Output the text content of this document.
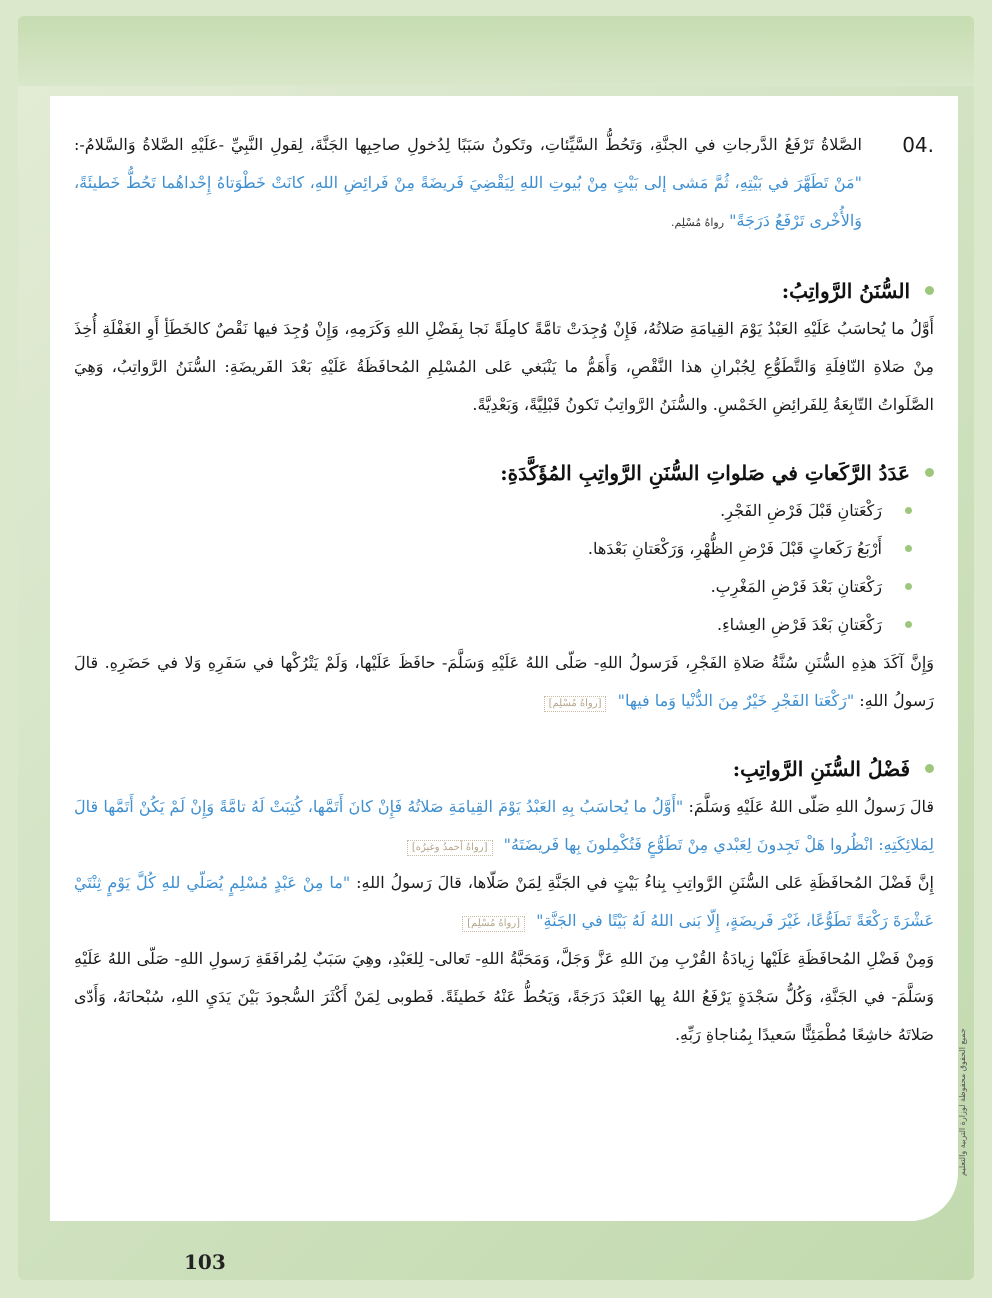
04.
الصَّلاةُ تَرْفَعُ الدَّرجاتِ في الجنَّةِ، وَتَحُطُّ السَّيِّئاتِ، وتَكونُ سَبَبًا لِدُخولِ صاحِبِها الجَنَّةَ، لِقولِ النَّبِيِّ -عَلَيْهِ الصَّلاةُ وَالسَّلامُ-: "مَنْ تَطَهَّرَ في بَيْتِهِ، ثُمَّ مَشى إلى بَيْتٍ مِنْ بُيوتِ اللهِ لِيَقْضِيَ فَريضَةً مِنْ فَرائِضِ اللهِ، كانَتْ خَطْوَتاهُ إِحْداهُما تَحُطُّ خَطيئَةً، وَالأُخْرى تَرْفَعُ دَرَجَةً" رواهُ مُسْلِم.
السُّنَنُ الرَّواتِبُ:
أَوَّلُ ما يُحاسَبُ عَلَيْهِ العَبْدُ يَوْمَ القِيامَةِ صَلاتُهُ، فَإِنْ وُجِدَتْ تامَّةً كامِلَةً نَجا بِفَضْلِ اللهِ وَكَرَمِهِ، وَإِنْ وُجِدَ فيها نَقْصٌ كالخَطَأِ أَوِ الغَفْلَةِ أُخِذَ مِنْ صَلاةِ النّافِلَةِ وَالتَّطَوُّعِ لِجُبْرانِ هذا النَّقْصِ، وَأَهَمُّ ما يَنْبَغي عَلى المُسْلِمِ المُحافَظَةُ عَلَيْهِ بَعْدَ الفَريضَةِ: السُّنَنُ الرَّواتِبُ، وَهِيَ الصَّلَواتُ التّابِعَةُ لِلفَرائِضِ الخَمْسِ. والسُّنَنُ الرَّواتِبُ تَكونُ قَبْلِيَّةً، وَبَعْدِيَّةً.
عَدَدُ الرَّكَعاتِ في صَلواتِ السُّنَنِ الرَّواتِبِ المُؤَكَّدَةِ:
رَكْعَتانِ قَبْلَ فَرْضِ الفَجْرِ.
أَرْبَعُ رَكَعاتٍ قَبْلَ فَرْضِ الظُّهْرِ، وَرَكْعَتانِ بَعْدَها.
رَكْعَتانِ بَعْدَ فَرْضِ المَغْرِبِ.
رَكْعَتانِ بَعْدَ فَرْضِ العِشاءِ.
وَإِنَّ آكَدَ هذِهِ السُّنَنِ سُنَّةُ صَلاةِ الفَجْرِ، فَرَسولُ اللهِ- صَلّى اللهُ عَلَيْهِ وَسَلَّمَ- حافَظَ عَلَيْها، وَلَمْ يَتْرُكْها في سَفَرِهِ وَلا في حَضَرِهِ. قالَ رَسولُ اللهِ: "رَكْعَتا الفَجْرِ خَيْرٌ مِنَ الدُّنْيا وَما فيها" [رواهُ مُسْلِم]
فَضْلُ السُّنَنِ الرَّواتِبِ:
قالَ رَسولُ اللهِ صَلّى اللهُ عَلَيْهِ وَسَلَّمَ: "أَوَّلُ ما يُحاسَبُ بِهِ العَبْدُ يَوْمَ القِيامَةِ صَلاتُهُ فَإِنْ كانَ أَتَمَّها، كُتِبَتْ لَهُ تامَّةً وَإِنْ لَمْ يَكُنْ أَتَمَّها قالَ لِمَلائِكَتِهِ: انْظُروا هَلْ تَجِدونَ لِعَبْدي مِنْ تَطَوُّعٍ فَتُكْمِلونَ بِها فَريضَتَهُ" [رواهُ أحمدُ وغيرُه]
إِنَّ فَضْلَ المُحافَظَةِ عَلى السُّنَنِ الرَّواتِبِ بِناءُ بَيْتٍ في الجَنَّةِ لِمَنْ صَلّاها، قالَ رَسولُ اللهِ: "ما مِنْ عَبْدٍ مُسْلِمٍ يُصَلّي للهِ كُلَّ يَوْمٍ ثِنْتَيْ عَشْرَةَ رَكْعَةً تَطَوُّعًا، غَيْرَ فَريضَةٍ، إِلّا بَنى اللهُ لَهُ بَيْتًا في الجَنَّةِ" [رواهُ مُسْلِم]
وَمِنْ فَضْلِ المُحافَظَةِ عَلَيْها زِيادَةُ القُرْبِ مِنَ اللهِ عَزَّ وَجَلَّ، وَمَحَبَّةُ اللهِ- تَعالى- لِلعَبْدِ، وهِيَ سَبَبٌ لِمُرافَقَةِ رَسولِ اللهِ- صَلّى اللهُ عَلَيْهِ وَسَلَّمَ- في الجَنَّةِ، وَكُلُّ سَجْدَةٍ يَرْفَعُ اللهُ بِها العَبْدَ دَرَجَةً، وَيَحُطُّ عَنْهُ خَطيئَةً. فَطوبى لِمَنْ أَكْثَرَ السُّجودَ بَيْنَ يَدَيِ اللهِ، سُبْحانَهُ، وَأَدّى صَلاتَهُ خاشِعًا مُطْمَئِنًّا سَعيدًا بِمُناجاةِ رَبِّهِ.	جميع الحقوق محفوظة لوزارة التربية والتعليم
103
